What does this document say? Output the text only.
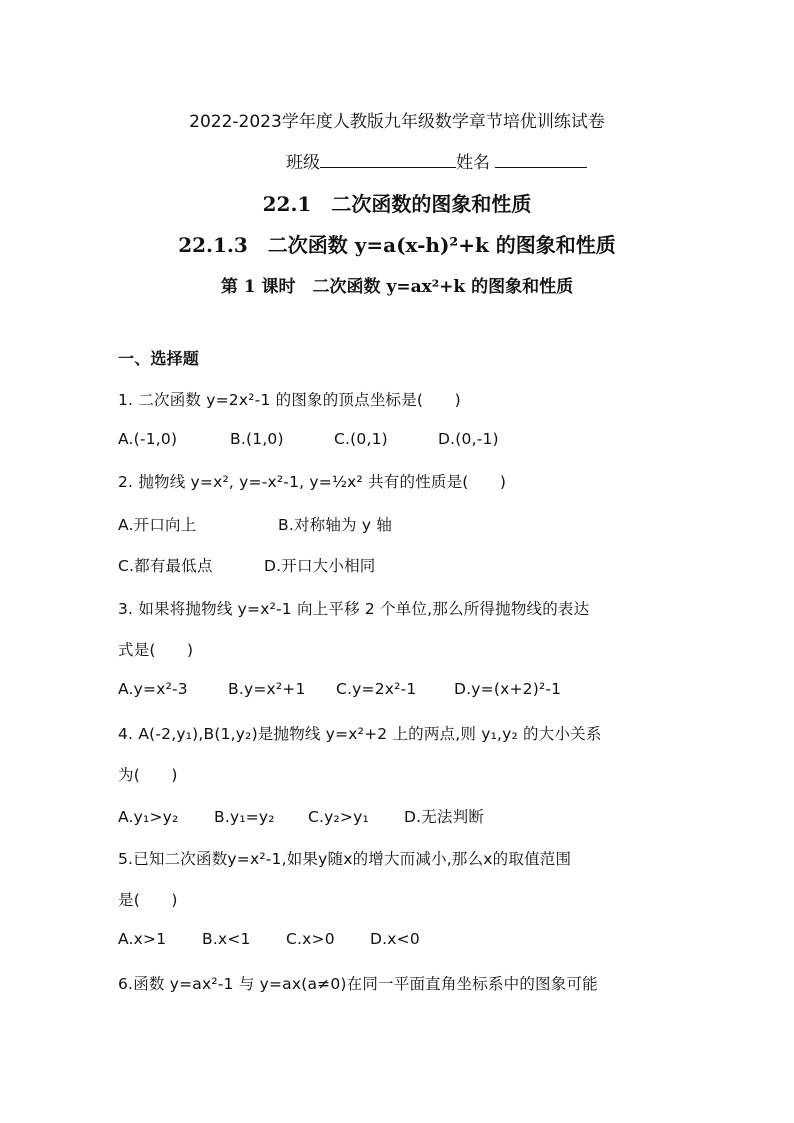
2022-2023学年度人教版九年级数学章节培优训练试卷
班级	姓名
22.1　二次函数的图象和性质
22.1.3　二次函数 y=a(x-h)²+k 的图象和性质
第 1 课时　二次函数 y=ax²+k 的图象和性质
一、选择题
1. 二次函数 y=2x²-1 的图象的顶点坐标是(　　)
A.(-1,0)	B.(1,0)	C.(0,1)	D.(0,-1)
2. 抛物线 y=x², y=-x²-1, y=½x² 共有的性质是(　　)
A.开口向上	B.对称轴为 y 轴
C.都有最低点	D.开口大小相同
3. 如果将抛物线 y=x²-1 向上平移 2 个单位,那么所得抛物线的表达
式是(　　)
A.y=x²-3	B.y=x²+1 C.y=2x²-1 D.y=(x+2)²-1
4. A(-2,y₁),B(1,y₂)是抛物线 y=x²+2 上的两点,则 y₁,y₂ 的大小关系
为(　　)
A.y₁>y₂ B.y₁=y₂ C.y₂>y₁ D.无法判断
5.已知二次函数y=x²-1,如果y随x的增大而减小,那么x的取值范围
是(　　)
A.x>1 B.x<1 C.x>0 D.x<0
6.函数 y=ax²-1 与 y=ax(a≠0)在同一平面直角坐标系中的图象可能
